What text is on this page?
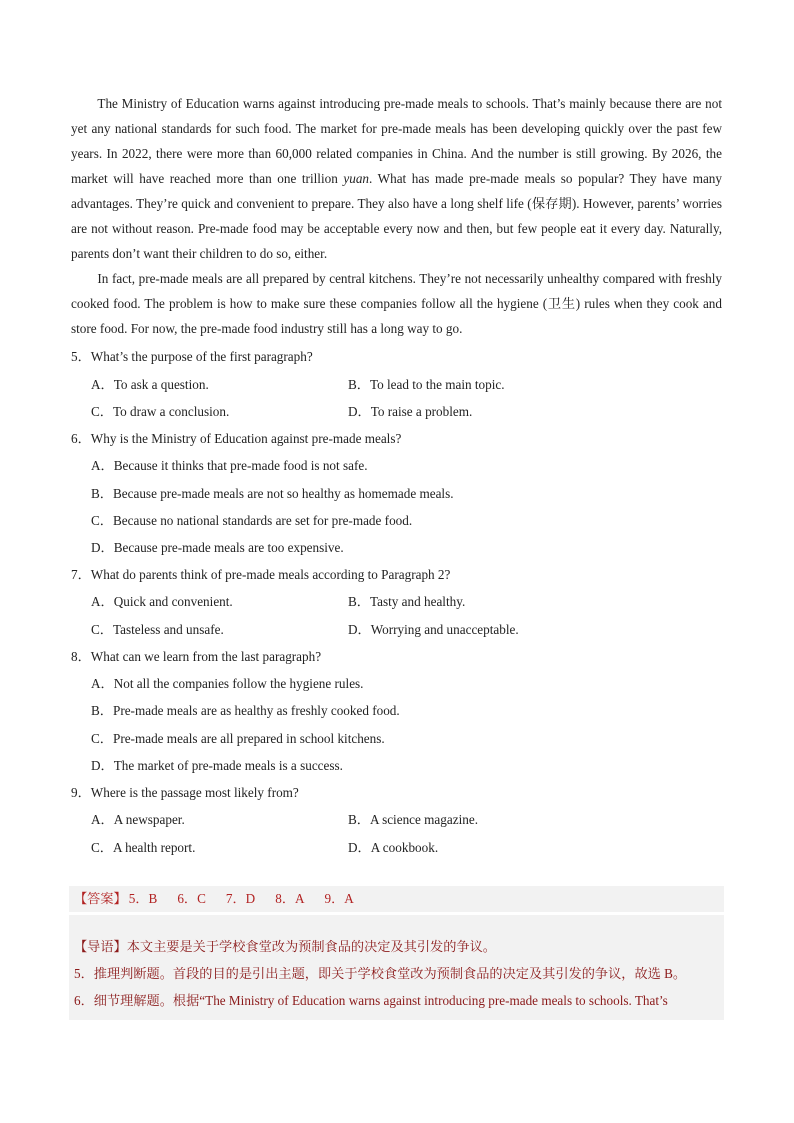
The Ministry of Education warns against introducing pre-made meals to schools. That’s mainly because there are not yet any national standards for such food. The market for pre-made meals has been developing quickly over the past few years. In 2022, there were more than 60,000 related companies in China. And the number is still growing. By 2026, the market will have reached more than one trillion yuan. What has made pre-made meals so popular? They have many advantages. They’re quick and convenient to prepare. They also have a long shelf life (保存期). However, parents’ worries are not without reason. Pre-made food may be acceptable every now and then, but few people eat it every day. Naturally, parents don’t want their children to do so, either.

In fact, pre-made meals are all prepared by central kitchens. They’re not necessarily unhealthy compared with freshly cooked food. The problem is how to make sure these companies follow all the hygiene (卫生) rules when they cook and store food. For now, the pre-made food industry still has a long way to go.

5．What’s the purpose of the first paragraph?
A．To ask a question.	B．To lead to the main topic.
C．To draw a conclusion.	D．To raise a problem.
6．Why is the Ministry of Education against pre-made meals?
A．Because it thinks that pre-made food is not safe.
B．Because pre-made meals are not so healthy as homemade meals.
C．Because no national standards are set for pre-made food.
D．Because pre-made meals are too expensive.
7．What do parents think of pre-made meals according to Paragraph 2?
A．Quick and convenient.	B．Tasty and healthy.
C．Tasteless and unsafe.	D．Worrying and unacceptable.
8．What can we learn from the last paragraph?
A．Not all the companies follow the hygiene rules.
B．Pre-made meals are as healthy as freshly cooked food.
C．Pre-made meals are all prepared in school kitchens.
D．The market of pre-made meals is a success.
9．Where is the passage most likely from?
A．A newspaper.	B．A science magazine.
C．A health report.	D．A cookbook.
【答案】 5．B 6．C 7．D 8．A 9．A
【导语】本文主要是关于学校食堂改为预制食品的决定及其引发的争议。
5．推理判断题。首段的目的是引出主题，即关于学校食堂改为预制食品的决定及其引发的争议，故选 B。
6．细节理解题。根据“The Ministry of Education warns against introducing pre-made meals to schools. That’s
